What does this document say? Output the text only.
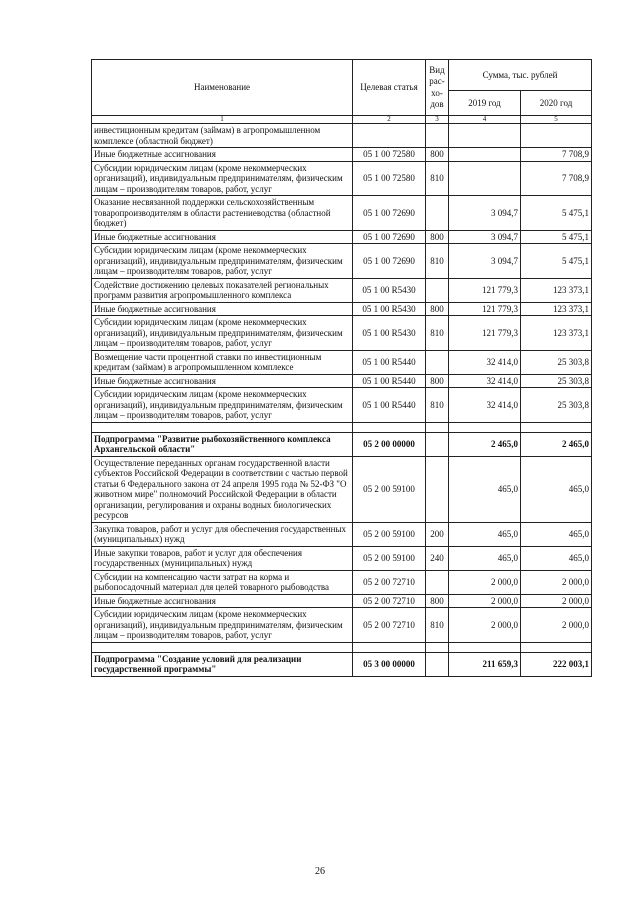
Наименование	Целевая статья	Вид рас-хо-дов	Сумма, тыс. рублей	
			2019 год	2020 год
1	2	3	4	5
инвестиционным кредитам (займам) в агропромышленном комплексе (областной бюджет)				
Иные бюджетные ассигнования	05 1 00 72580	800		7 708,9
Субсидии юридическим лицам (кроме некоммерческих организаций), индивидуальным предпринимателям, физическим лицам – производителям товаров, работ, услуг	05 1 00 72580	810		7 708,9
Оказание несвязанной поддержки сельскохозяйственным товаропроизводителям в области растениеводства (областной бюджет)	05 1 00 72690		3 094,7	5 475,1
Иные бюджетные ассигнования	05 1 00 72690	800	3 094,7	5 475,1
Субсидии юридическим лицам (кроме некоммерческих организаций), индивидуальным предпринимателям, физическим лицам – производителям товаров, работ, услуг	05 1 00 72690	810	3 094,7	5 475,1
Содействие достижению целевых показателей региональных программ развития агропромышленного комплекса	05 1 00 R5430		121 779,3	123 373,1
Иные бюджетные ассигнования	05 1 00 R5430	800	121 779,3	123 373,1
Субсидии юридическим лицам (кроме некоммерческих организаций), индивидуальным предпринимателям, физическим лицам – производителям товаров, работ, услуг	05 1 00 R5430	810	121 779,3	123 373,1
Возмещение части процентной ставки по инвестиционным кредитам (займам) в агропромышленном комплексе	05 1 00 R5440		32 414,0	25 303,8
Иные бюджетные ассигнования	05 1 00 R5440	800	32 414,0	25 303,8
Субсидии юридическим лицам (кроме некоммерческих организаций), индивидуальным предпринимателям, физическим лицам – производителям товаров, работ, услуг	05 1 00 R5440	810	32 414,0	25 303,8

Подпрограмма "Развитие рыбохозяйственного комплекса Архангельской области"	05 2 00 00000		2 465,0	2 465,0
Осуществление переданных органам государственной власти субъектов Российской Федерации в соответствии с частью первой статьи 6 Федерального закона от 24 апреля 1995 года № 52-ФЗ "О животном мире" полномочий Российской Федерации в области организации, регулирования и охраны водных биологических ресурсов	05 2 00 59100		465,0	465,0
Закупка товаров, работ и услуг для обеспечения государственных (муниципальных) нужд	05 2 00 59100	200	465,0	465,0
Иные закупки товаров, работ и услуг для обеспечения государственных (муниципальных) нужд	05 2 00 59100	240	465,0	465,0
Субсидии на компенсацию части затрат на корма и рыбопосадочный материал для целей товарного рыбоводства	05 2 00 72710		2 000,0	2 000,0
Иные бюджетные ассигнования	05 2 00 72710	800	2 000,0	2 000,0
Субсидии юридическим лицам (кроме некоммерческих организаций), индивидуальным предпринимателям, физическим лицам – производителям товаров, работ, услуг	05 2 00 72710	810	2 000,0	2 000,0

Подпрограмма "Создание условий для реализации государственной программы"	05 3 00 00000		211 659,3	222 003,1
26
